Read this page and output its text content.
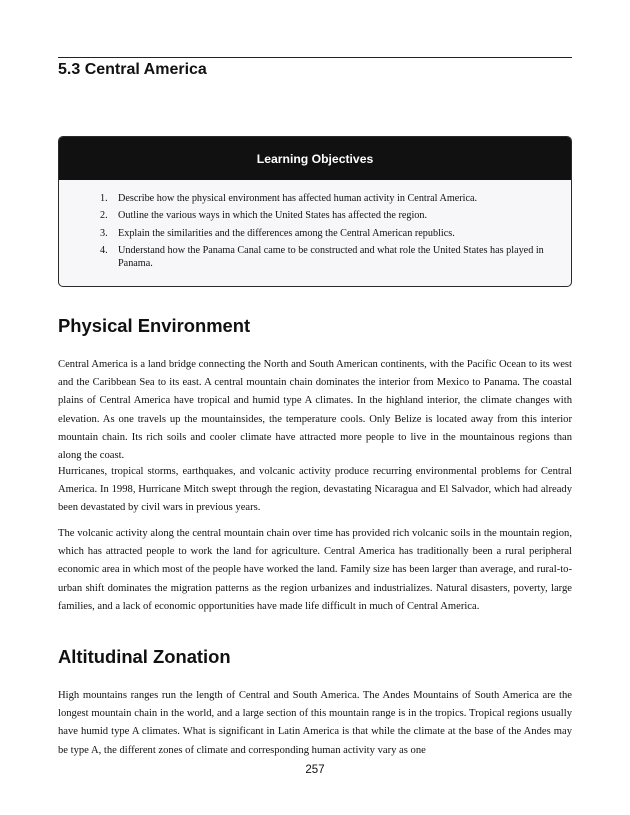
5.3 Central America
Learning Objectives
1.	Describe how the physical environment has affected human activity in Central America.
2.	Outline the various ways in which the United States has affected the region.
3.	Explain the similarities and the differences among the Central American republics.
4.	Understand how the Panama Canal came to be constructed and what role the United States has played in Panama.
Physical Environment

Central America is a land bridge connecting the North and South American continents, with the Pacific Ocean to its west and the Caribbean Sea to its east. A central mountain chain dominates the interior from Mexico to Panama. The coastal plains of Central America have tropical and humid type A climates. In the highland interior, the climate changes with elevation. As one travels up the mountainsides, the temperature cools. Only Belize is located away from this interior mountain chain. Its rich soils and cooler climate have attracted more people to live in the mountainous regions than along the coast.

Hurricanes, tropical storms, earthquakes, and volcanic activity produce recurring environmental problems for Central America. In 1998, Hurricane Mitch swept through the region, devastating Nicaragua and El Salvador, which had already been devastated by civil wars in previous years.

The volcanic activity along the central mountain chain over time has provided rich volcanic soils in the mountain region, which has attracted people to work the land for agriculture. Central America has traditionally been a rural peripheral economic area in which most of the people have worked the land. Family size has been larger than average, and rural-to-urban shift dominates the migration patterns as the region urbanizes and industrializes. Natural disasters, poverty, large families, and a lack of economic opportunities have made life difficult in much of Central America.

Altitudinal Zonation

High mountains ranges run the length of Central and South America. The Andes Mountains of South America are the longest mountain chain in the world, and a large section of this mountain range is in the tropics. Tropical regions usually have humid type A climates. What is significant in Latin America is that while the climate at the base of the Andes may be type A, the different zones of climate and corresponding human activity vary as one

257
